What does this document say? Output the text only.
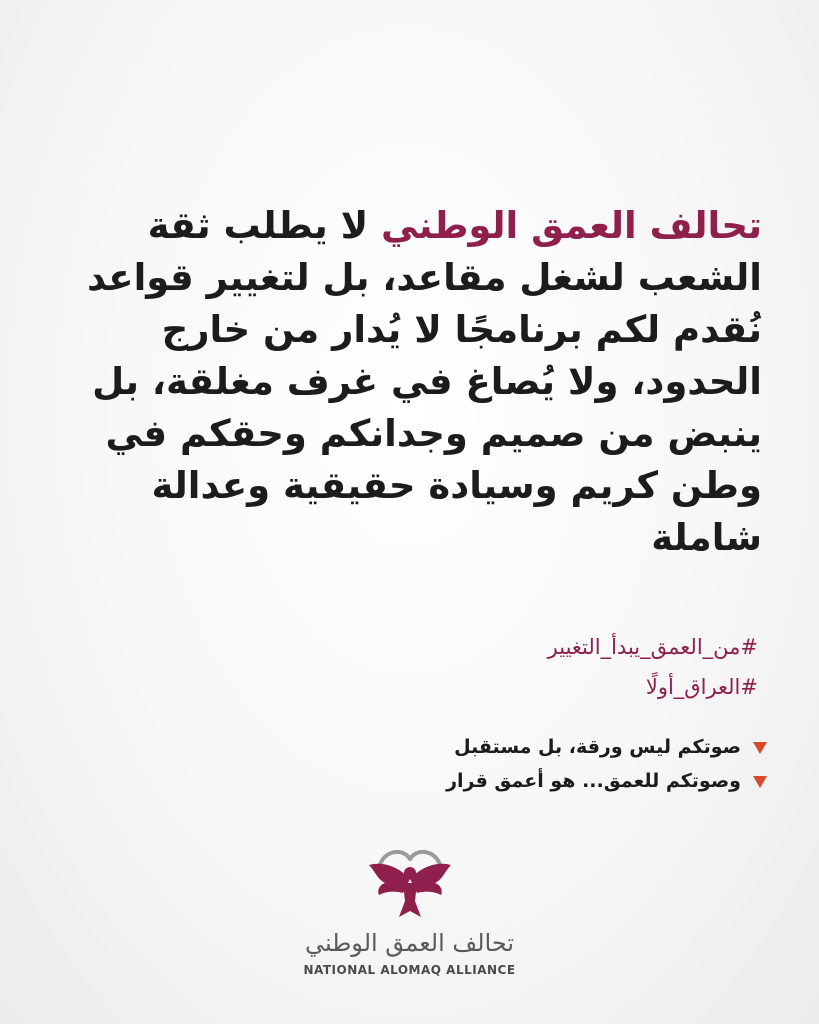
تحالف العمق الوطني لا يطلب ثقة الشعب لشغل مقاعد، بل لتغيير قواعد نُقدم لكم برنامجًا لا يُدار من خارج الحدود، ولا يُصاغ في غرف مغلقة، بل ينبض من صميم وجدانكم وحقكم في وطن كريم وسيادة حقيقية وعدالة شاملة
#من_العمق_يبدأ_التغيير
#العراق_أولًا
صوتكم ليس ورقة، بل مستقبل
وصوتكم للعمق... هو أعمق قرار
تحالف العمق الوطني
NATIONAL ALOMAQ ALLIANCE
